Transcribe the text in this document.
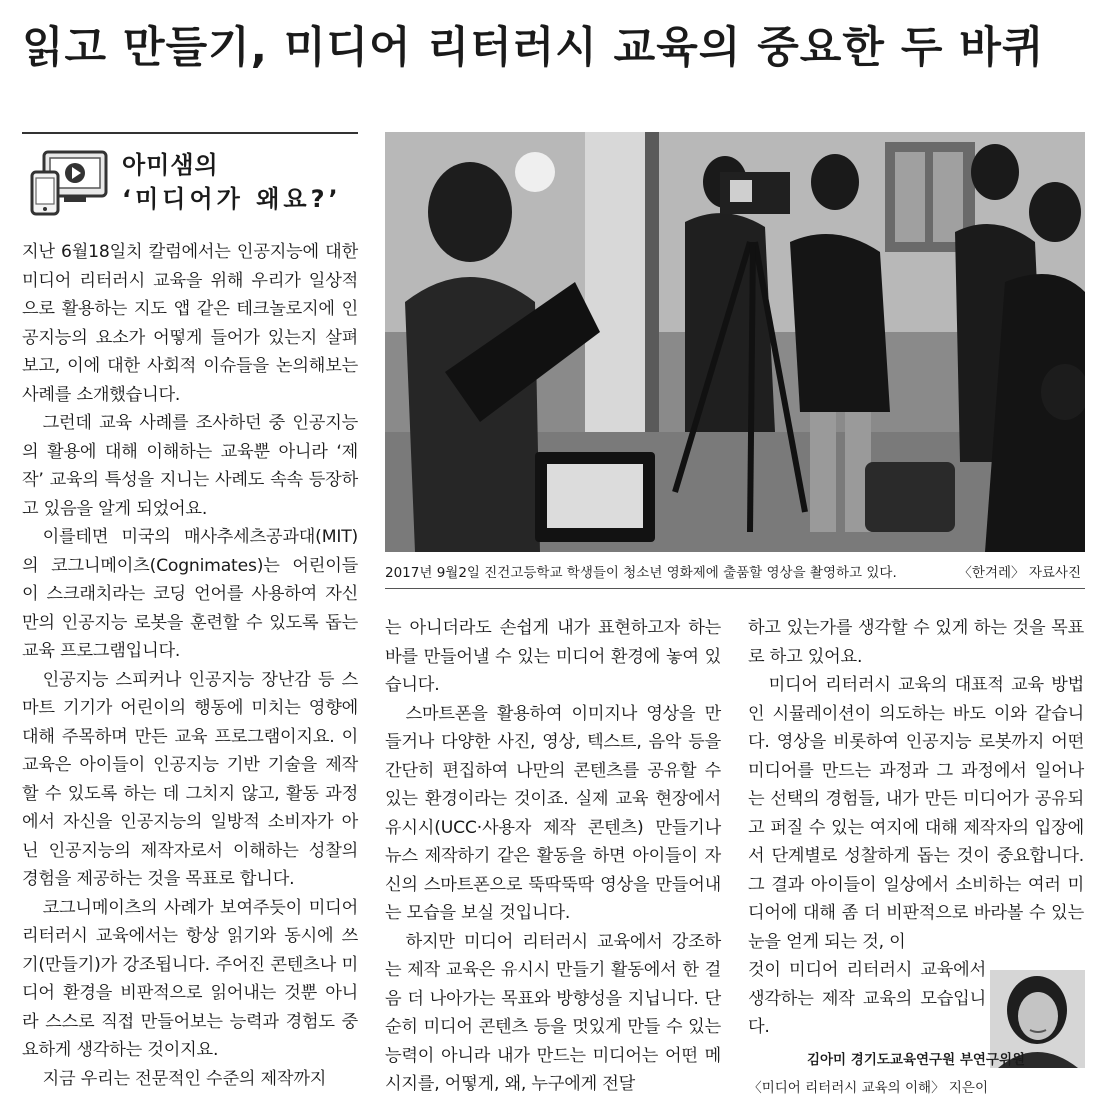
읽고 만들기, 미디어 리터러시 교육의 중요한 두 바퀴
아미샘의
‘미디어가 왜요?’

지난 6월18일치 칼럼에서는 인공지능에 대한 미디어 리터러시 교육을 위해 우리가 일상적으로 활용하는 지도 앱 같은 테크놀로지에 인공지능의 요소가 어떻게 들어가 있는지 살펴보고, 이에 대한 사회적 이슈들을 논의해보는 사례를 소개했습니다.

그런데 교육 사례를 조사하던 중 인공지능의 활용에 대해 이해하는 교육뿐 아니라 ‘제작’ 교육의 특성을 지니는 사례도 속속 등장하고 있음을 알게 되었어요.

이를테면 미국의 매사추세츠공과대(MIT)의 코그니메이츠(Cognimates)는 어린이들이 스크래치라는 코딩 언어를 사용하여 자신만의 인공지능 로봇을 훈련할 수 있도록 돕는 교육 프로그램입니다.

인공지능 스피커나 인공지능 장난감 등 스마트 기기가 어린이의 행동에 미치는 영향에 대해 주목하며 만든 교육 프로그램이지요. 이 교육은 아이들이 인공지능 기반 기술을 제작할 수 있도록 하는 데 그치지 않고, 활동 과정에서 자신을 인공지능의 일방적 소비자가 아닌 인공지능의 제작자로서 이해하는 성찰의 경험을 제공하는 것을 목표로 합니다.

코그니메이츠의 사례가 보여주듯이 미디어 리터러시 교육에서는 항상 읽기와 동시에 쓰기(만들기)가 강조됩니다. 주어진 콘텐츠나 미디어 환경을 비판적으로 읽어내는 것뿐 아니라 스스로 직접 만들어보는 능력과 경험도 중요하게 생각하는 것이지요.

지금 우리는 전문적인 수준의 제작까지

2017년 9월2일 진건고등학교 학생들이 청소년 영화제에 출품할 영상을 촬영하고 있다.	〈한겨레〉 자료사진

는 아니더라도 손쉽게 내가 표현하고자 하는 바를 만들어낼 수 있는 미디어 환경에 놓여 있습니다.

스마트폰을 활용하여 이미지나 영상을 만들거나 다양한 사진, 영상, 텍스트, 음악 등을 간단히 편집하여 나만의 콘텐츠를 공유할 수 있는 환경이라는 것이죠. 실제 교육 현장에서 유시시(UCC·사용자 제작 콘텐츠) 만들기나 뉴스 제작하기 같은 활동을 하면 아이들이 자신의 스마트폰으로 뚝딱뚝딱 영상을 만들어내는 모습을 보실 것입니다.

하지만 미디어 리터러시 교육에서 강조하는 제작 교육은 유시시 만들기 활동에서 한 걸음 더 나아가는 목표와 방향성을 지닙니다. 단순히 미디어 콘텐츠 등을 멋있게 만들 수 있는 능력이 아니라 내가 만드는 미디어는 어떤 메시지를, 어떻게, 왜, 누구에게 전달

하고 있는가를 생각할 수 있게 하는 것을 목표로 하고 있어요.

미디어 리터러시 교육의 대표적 교육 방법인 시뮬레이션이 의도하는 바도 이와 같습니다. 영상을 비롯하여 인공지능 로봇까지 어떤 미디어를 만드는 과정과 그 과정에서 일어나는 선택의 경험들, 내가 만든 미디어가 공유되고 퍼질 수 있는 여지에 대해 제작자의 입장에서 단계별로 성찰하게 돕는 것이 중요합니다. 그 결과 아이들이 일상에서 소비하는 여러 미디어에 대해 좀 더 비판적으로 바라볼 수 있는 눈을 얻게 되는 것, 이

것이 미디어 리터러시 교육에서 생각하는 제작 교육의 모습입니다.

김아미 경기도교육연구원 부연구위원
〈미디어 리터러시 교육의 이해〉 지은이
